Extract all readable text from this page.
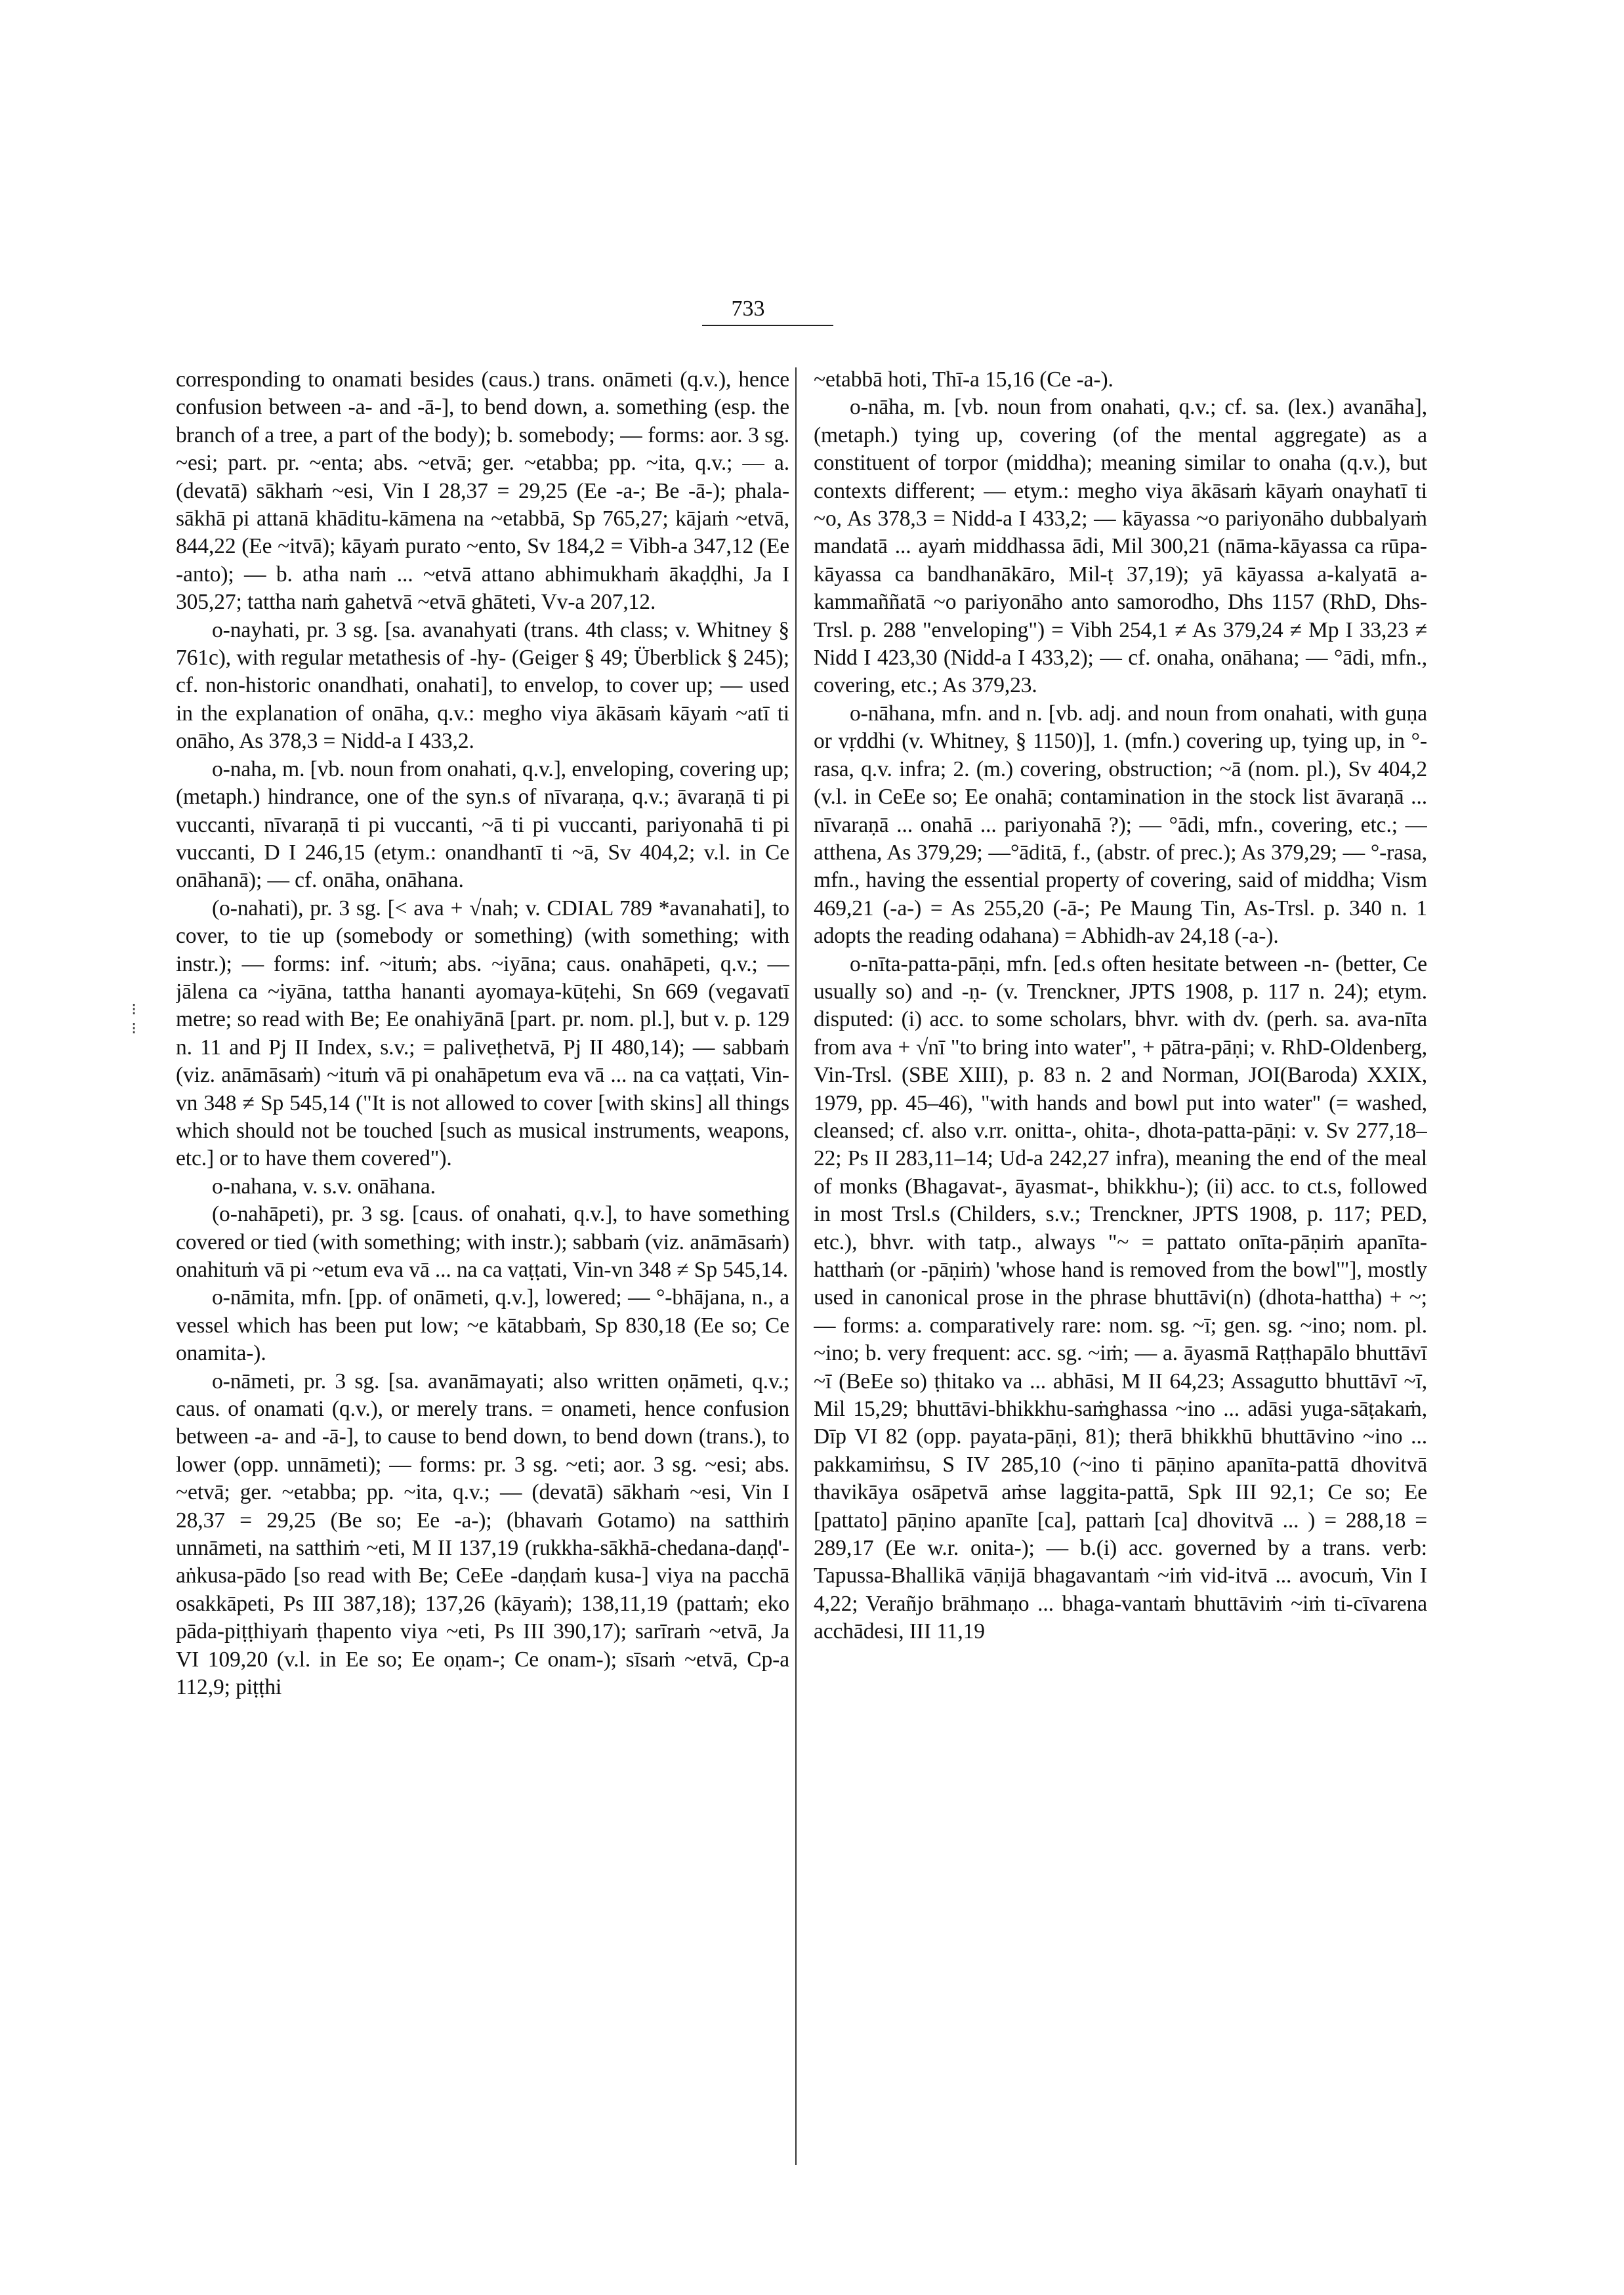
733
⁝
⁝

corresponding to onamati besides (caus.) trans. onāmeti (q.v.), hence confusion between -a- and -ā-], to bend down, a. something (esp. the branch of a tree, a part of the body); b. somebody; — forms: aor. 3 sg. ~esi; part. pr. ~enta; abs. ~etvā; ger. ~etabba; pp. ~ita, q.v.; — a. (devatā) sākhaṁ ~esi, Vin I 28,37 = 29,25 (Ee -a-; Be -ā-); phala-sākhā pi attanā khāditu-kāmena na ~etabbā, Sp 765,27; kājaṁ ~etvā, 844,22 (Ee ~itvā); kāyaṁ purato ~ento, Sv 184,2 = Vibh-a 347,12 (Ee -anto); — b. atha naṁ ... ~etvā attano abhimukhaṁ ākaḍḍhi, Ja I 305,27; tattha naṁ gahetvā ~etvā ghāteti, Vv-a 207,12.

o-nayhati, pr. 3 sg. [sa. avanahyati (trans. 4th class; v. Whitney § 761c), with regular metathesis of -hy- (Geiger § 49; Überblick § 245); cf. non-historic onandhati, onahati], to envelop, to cover up; — used in the explanation of onāha, q.v.: megho viya ākāsaṁ kāyaṁ ~atī ti onāho, As 378,3 = Nidd-a I 433,2.

o-naha, m. [vb. noun from onahati, q.v.], enveloping, covering up; (metaph.) hindrance, one of the syn.s of nīvaraṇa, q.v.; āvaraṇā ti pi vuccanti, nīvaraṇā ti pi vuccanti, ~ā ti pi vuccanti, pariyonahā ti pi vuccanti, D I 246,15 (etym.: onandhantī ti ~ā, Sv 404,2; v.l. in Ce onāhanā); — cf. onāha, onāhana.

(o-nahati), pr. 3 sg. [< ava + √nah; v. CDIAL 789 *avanahati], to cover, to tie up (somebody or something) (with something; with instr.); — forms: inf. ~ituṁ; abs. ~iyāna; caus. onahāpeti, q.v.; — jālena ca ~iyāna, tattha hananti ayomaya-kūṭehi, Sn 669 (vegavatī metre; so read with Be; Ee onahiyānā [part. pr. nom. pl.], but v. p. 129 n. 11 and Pj II Index, s.v.; = paliveṭhetvā, Pj II 480,14); — sabbaṁ (viz. anāmāsaṁ) ~ituṁ vā pi onahāpetum eva vā ... na ca vaṭṭati, Vin-vn 348 ≠ Sp 545,14 ("It is not allowed to cover [with skins] all things which should not be touched [such as musical instruments, weapons, etc.] or to have them covered").

o-nahana, v. s.v. onāhana.

(o-nahāpeti), pr. 3 sg. [caus. of onahati, q.v.], to have something covered or tied (with something; with instr.); sabbaṁ (viz. anāmāsaṁ) onahituṁ vā pi ~etum eva vā ... na ca vaṭṭati, Vin-vn 348 ≠ Sp 545,14.

o-nāmita, mfn. [pp. of onāmeti, q.v.], lowered; — °-bhājana, n., a vessel which has been put low; ~e kātabbaṁ, Sp 830,18 (Ee so; Ce onamita-).

o-nāmeti, pr. 3 sg. [sa. avanāmayati; also written oṇāmeti, q.v.; caus. of onamati (q.v.), or merely trans. = onameti, hence confusion between -a- and -ā-], to cause to bend down, to bend down (trans.), to lower (opp. unnāmeti); — forms: pr. 3 sg. ~eti; aor. 3 sg. ~esi; abs. ~etvā; ger. ~etabba; pp. ~ita, q.v.; — (devatā) sākhaṁ ~esi, Vin I 28,37 = 29,25 (Be so; Ee -a-); (bhavaṁ Gotamo) na satthiṁ unnāmeti, na satthiṁ ~eti, M II 137,19 (rukkha-sākhā-chedana-daṇḍ'-aṅkusa-pādo [so read with Be; CeEe -daṇḍaṁ kusa-] viya na pacchā osakkāpeti, Ps III 387,18); 137,26 (kāyaṁ); 138,11,19 (pattaṁ; eko pāda-piṭṭhiyaṁ ṭhapento viya ~eti, Ps III 390,17); sarīraṁ ~etvā, Ja VI 109,20 (v.l. in Ee so; Ee oṇam-; Ce onam-); sīsaṁ ~etvā, Cp-a 112,9; piṭṭhi

~etabbā hoti, Thī-a 15,16 (Ce -a-).

o-nāha, m. [vb. noun from onahati, q.v.; cf. sa. (lex.) avanāha], (metaph.) tying up, covering (of the mental aggregate) as a constituent of torpor (middha); meaning similar to onaha (q.v.), but contexts different; — etym.: megho viya ākāsaṁ kāyaṁ onayhatī ti ~o, As 378,3 = Nidd-a I 433,2; — kāyassa ~o pariyonāho dubbalyaṁ mandatā ... ayaṁ middhassa ādi, Mil 300,21 (nāma-kāyassa ca rūpa-kāyassa ca bandhanākāro, Mil-ṭ 37,19); yā kāyassa a-kalyatā a-kammaññatā ~o pariyonāho anto samorodho, Dhs 1157 (RhD, Dhs-Trsl. p. 288 "enveloping") = Vibh 254,1 ≠ As 379,24 ≠ Mp I 33,23 ≠ Nidd I 423,30 (Nidd-a I 433,2); — cf. onaha, onāhana; — °ādi, mfn., covering, etc.; As 379,23.

o-nāhana, mfn. and n. [vb. adj. and noun from onahati, with guṇa or vṛddhi (v. Whitney, § 1150)], 1. (mfn.) covering up, tying up, in °-rasa, q.v. infra; 2. (m.) covering, obstruction; ~ā (nom. pl.), Sv 404,2 (v.l. in CeEe so; Ee onahā; contamination in the stock list āvaraṇā ... nīvaraṇā ... onahā ... pariyonahā ?); — °ādi, mfn., covering, etc.; —atthena, As 379,29; —°āditā, f., (abstr. of prec.); As 379,29; — °-rasa, mfn., having the essential property of covering, said of middha; Vism 469,21 (-a-) = As 255,20 (-ā-; Pe Maung Tin, As-Trsl. p. 340 n. 1 adopts the reading odahana) = Abhidh-av 24,18 (-a-).

o-nīta-patta-pāṇi, mfn. [ed.s often hesitate between -n- (better, Ce usually so) and -ṇ- (v. Trenckner, JPTS 1908, p. 117 n. 24); etym. disputed: (i) acc. to some scholars, bhvr. with dv. (perh. sa. ava-nīta from ava + √nī "to bring into water", + pātra-pāṇi; v. RhD-Oldenberg, Vin-Trsl. (SBE XIII), p. 83 n. 2 and Norman, JOI(Baroda) XXIX, 1979, pp. 45–46), "with hands and bowl put into water" (= washed, cleansed; cf. also v.rr. onitta-, ohita-, dhota-patta-pāṇi: v. Sv 277,18–22; Ps II 283,11–14; Ud-a 242,27 infra), meaning the end of the meal of monks (Bhagavat-, āyasmat-, bhikkhu-); (ii) acc. to ct.s, followed in most Trsl.s (Childers, s.v.; Trenckner, JPTS 1908, p. 117; PED, etc.), bhvr. with tatp., always "~ = pattato onīta-pāṇiṁ apanīta-hatthaṁ (or -pāṇiṁ) 'whose hand is removed from the bowl'"], mostly used in canonical prose in the phrase bhuttāvi(n) (dhota-hattha) + ~; — forms: a. comparatively rare: nom. sg. ~ī; gen. sg. ~ino; nom. pl. ~ino; b. very frequent: acc. sg. ~iṁ; — a. āyasmā Raṭṭhapālo bhuttāvī ~ī (BeEe so) ṭhitako va ... abhāsi, M II 64,23; Assagutto bhuttāvī ~ī, Mil 15,29; bhuttāvi-bhikkhu-saṁghassa ~ino ... adāsi yuga-sāṭakaṁ, Dīp VI 82 (opp. payata-pāṇi, 81); therā bhikkhū bhuttāvino ~ino ... pakkamiṁsu, S IV 285,10 (~ino ti pāṇino apanīta-pattā dhovitvā thavikāya osāpetvā aṁse laggita-pattā, Spk III 92,1; Ce so; Ee [pattato] pāṇino apanīte [ca], pattaṁ [ca] dhovitvā ... ) = 288,18 = 289,17 (Ee w.r. onita-); — b.(i) acc. governed by a trans. verb: Tapussa-Bhallikā vāṇijā bhagavantaṁ ~iṁ vid-itvā ... avocuṁ, Vin I 4,22; Verañjo brāhmaṇo ... bhaga-vantaṁ bhuttāviṁ ~iṁ ti-cīvarena acchādesi, III 11,19
